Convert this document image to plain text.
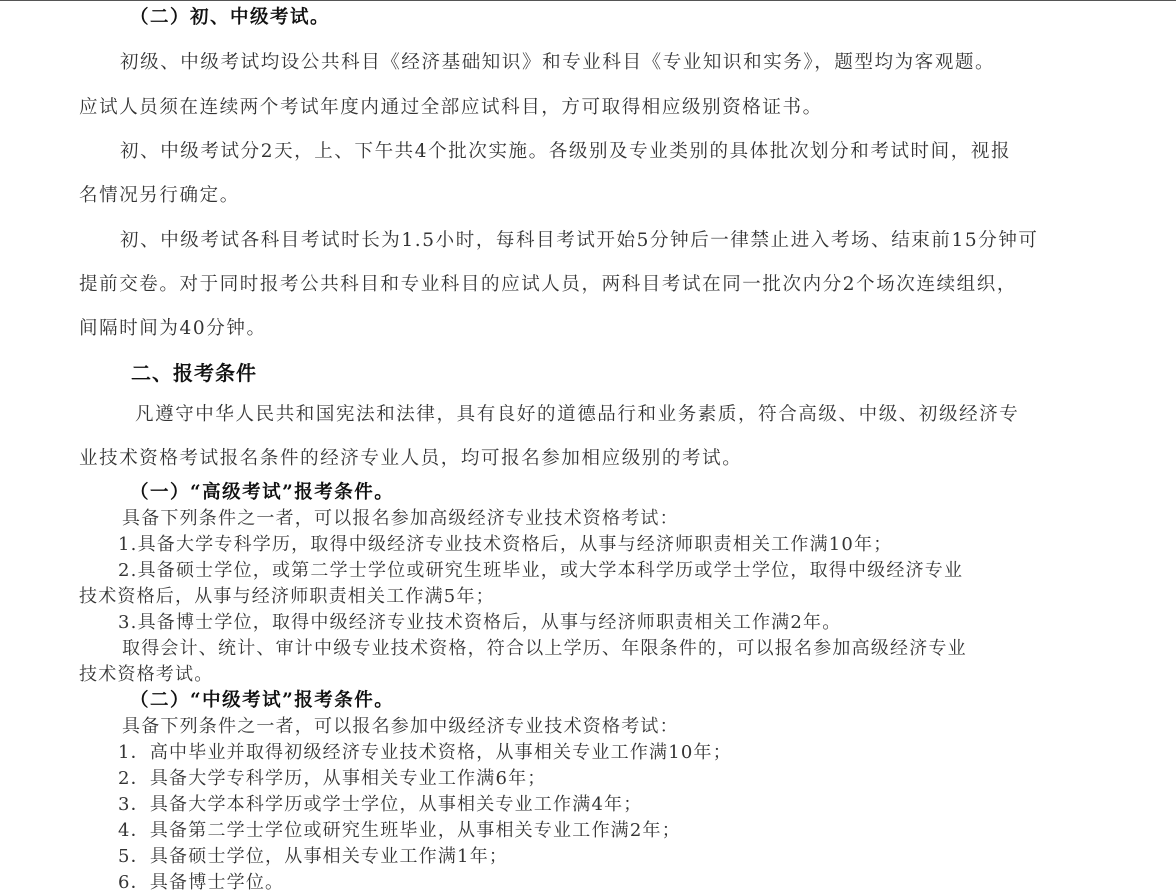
（二）初、中级考试。
初级、中级考试均设公共科目《经济基础知识》和专业科目《专业知识和实务》，题型均为客观题。
应试人员须在连续两个考试年度内通过全部应试科目，方可取得相应级别资格证书。
初、中级考试分2天，上、下午共4个批次实施。各级别及专业类别的具体批次划分和考试时间，视报
名情况另行确定。
初、中级考试各科目考试时长为1.5小时，每科目考试开始5分钟后一律禁止进入考场、结束前15分钟可
提前交卷。对于同时报考公共科目和专业科目的应试人员，两科目考试在同一批次内分2个场次连续组织，
间隔时间为40分钟。
二、报考条件
凡遵守中华人民共和国宪法和法律，具有良好的道德品行和业务素质，符合高级、中级、初级经济专
业技术资格考试报名条件的经济专业人员，均可报名参加相应级别的考试。
（一）“高级考试”报考条件。
具备下列条件之一者，可以报名参加高级经济专业技术资格考试：
1.具备大学专科学历，取得中级经济专业技术资格后，从事与经济师职责相关工作满10年；
2.具备硕士学位，或第二学士学位或研究生班毕业，或大学本科学历或学士学位，取得中级经济专业
技术资格后，从事与经济师职责相关工作满5年；
3.具备博士学位，取得中级经济专业技术资格后，从事与经济师职责相关工作满2年。
取得会计、统计、审计中级专业技术资格，符合以上学历、年限条件的，可以报名参加高级经济专业
技术资格考试。
（二）“中级考试”报考条件。
具备下列条件之一者，可以报名参加中级经济专业技术资格考试：
1．高中毕业并取得初级经济专业技术资格，从事相关专业工作满10年；
2．具备大学专科学历，从事相关专业工作满6年；
3．具备大学本科学历或学士学位，从事相关专业工作满4年；
4．具备第二学士学位或研究生班毕业，从事相关专业工作满2年；
5．具备硕士学位，从事相关专业工作满1年；
6．具备博士学位。
